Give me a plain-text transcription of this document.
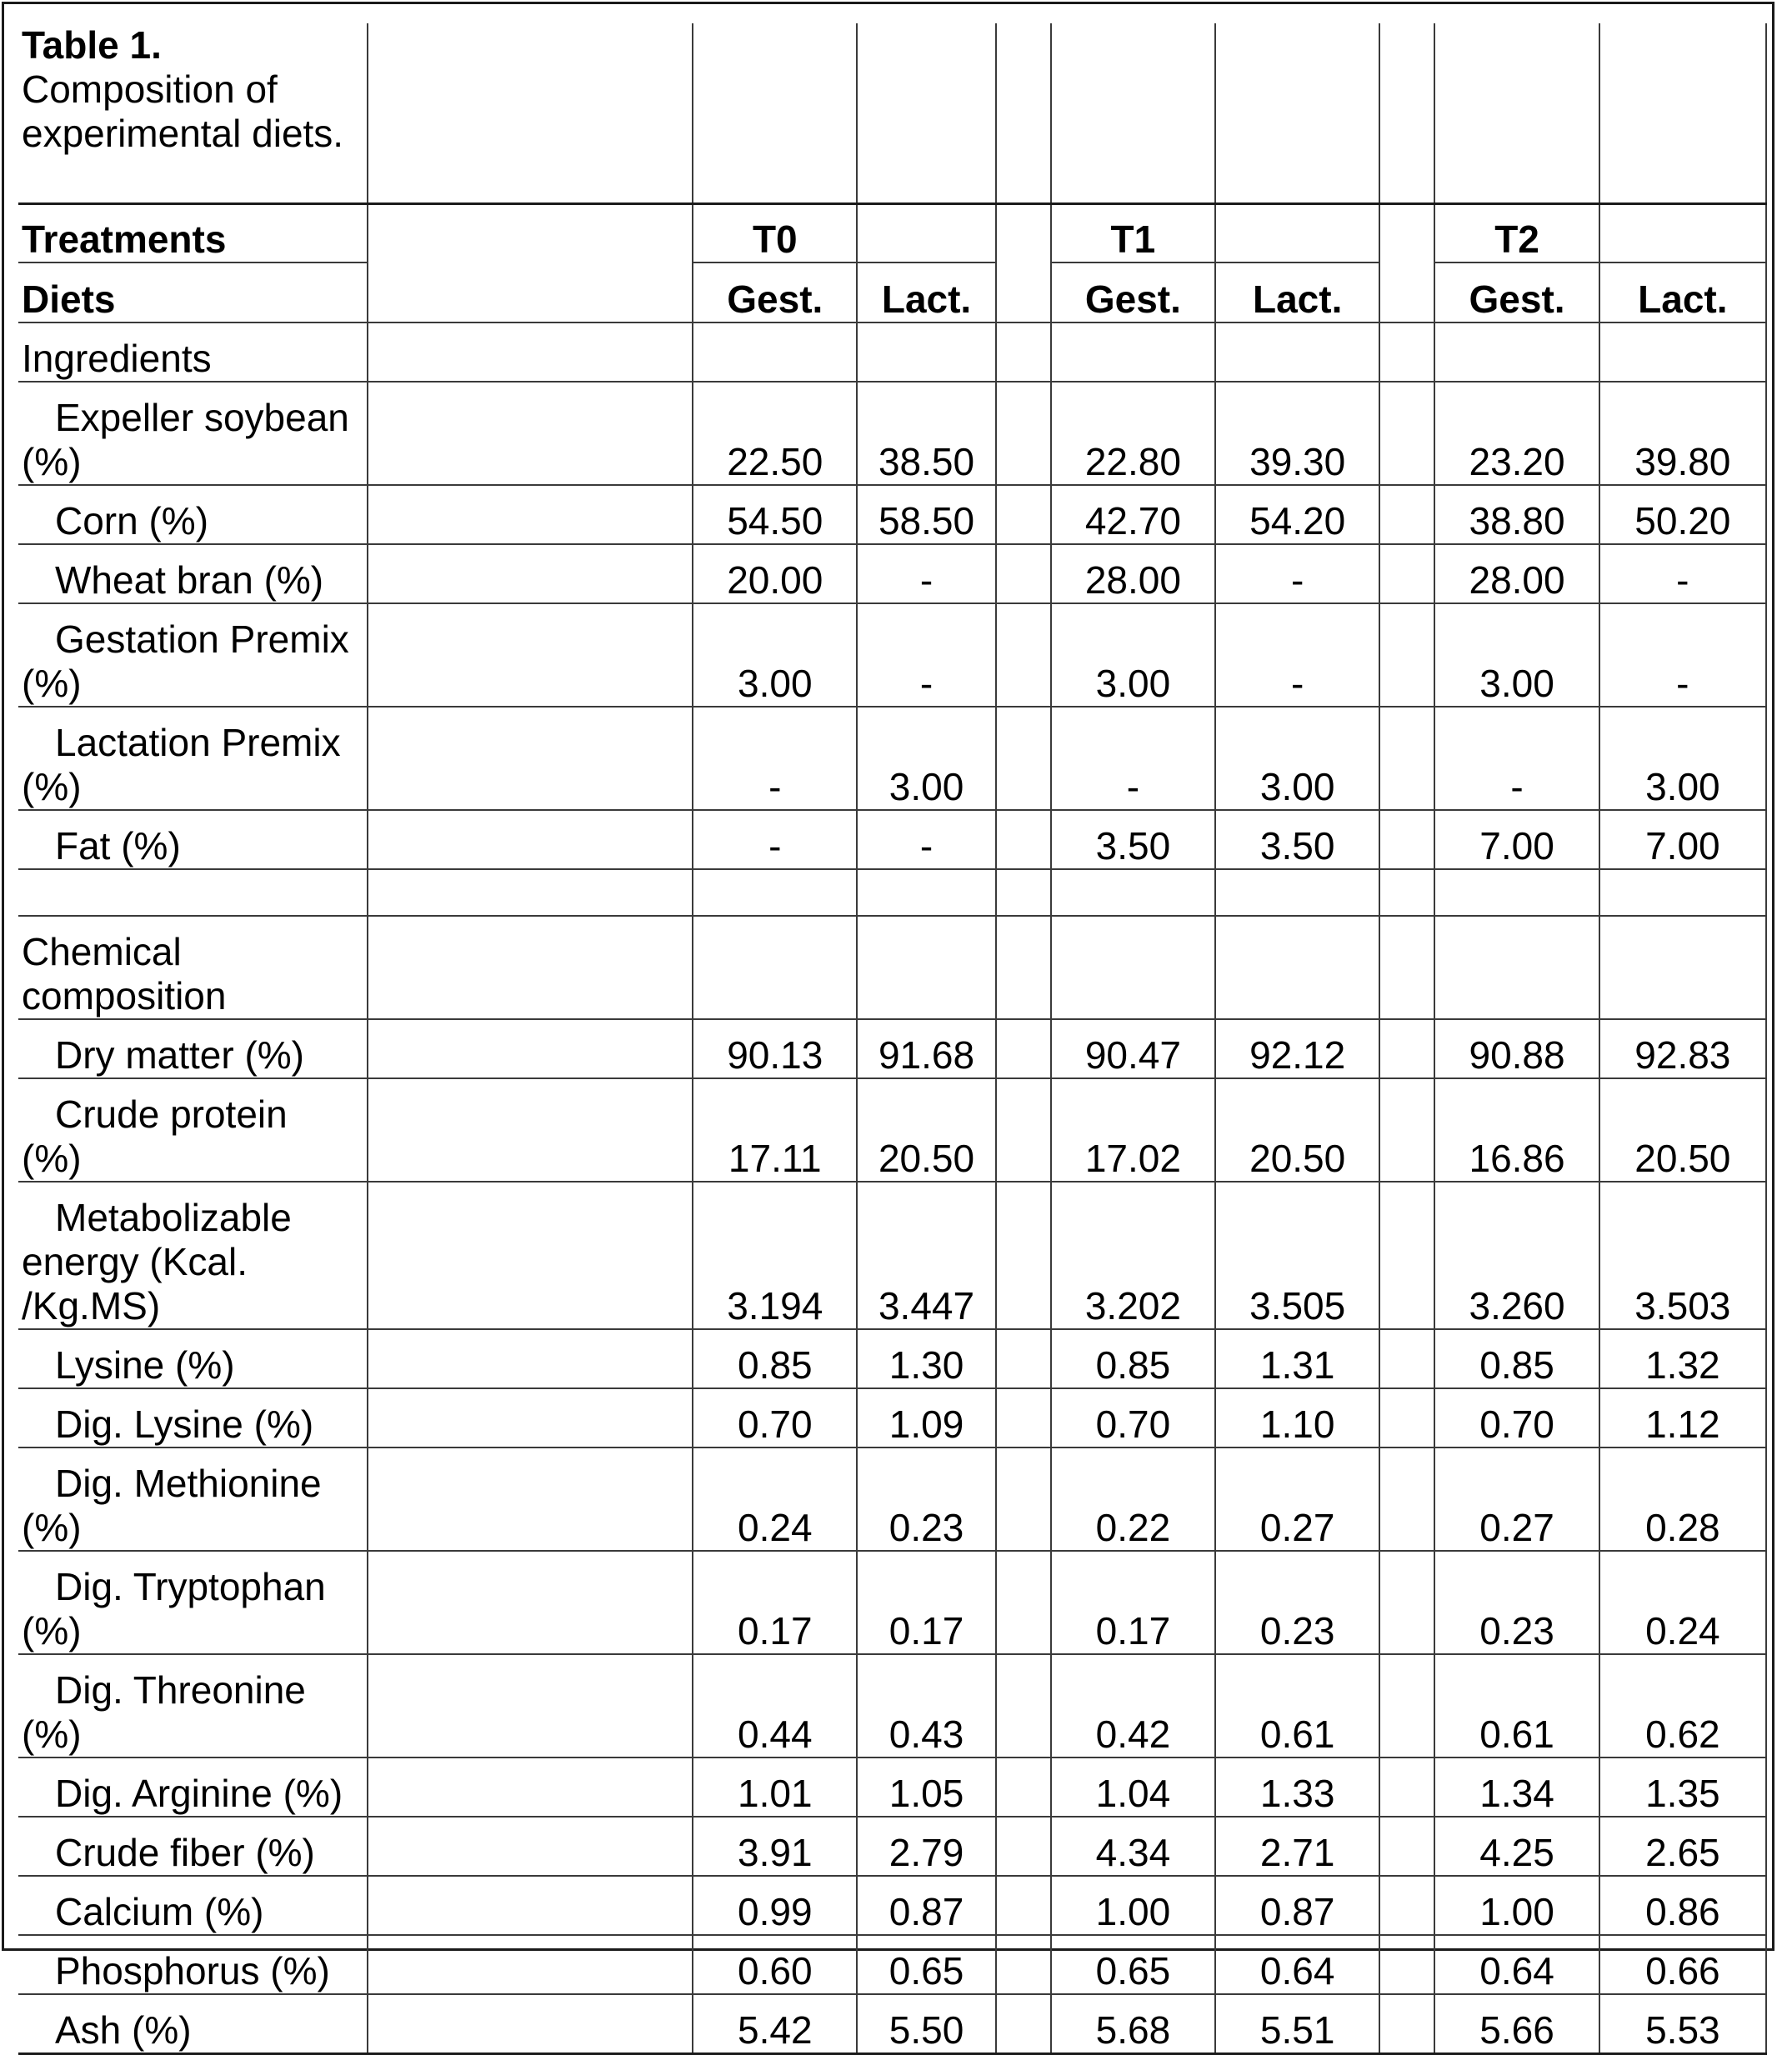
Table 1.
Composition of experimental diets.									

Treatments		T0			T1			T2	
Diets		Gest.	Lact.		Gest.	Lact.		Gest.	Lact.

Ingredients									

Expeller soybean
(%)		22.50	38.50		22.80	39.30		23.20	39.80

Corn (%)		54.50	58.50		42.70	54.20		38.80	50.20

Wheat bran (%)		20.00	-		28.00	-		28.00	-

Gestation Premix
(%)		3.00	-		3.00	-		3.00	-

Lactation Premix
(%)		-	3.00		-	3.00		-	3.00

Fat (%)		-	-		3.50	3.50		7.00	7.00

Chemical
composition									

Dry matter (%)		90.13	91.68		90.47	92.12		90.88	92.83

Crude protein
(%)		17.11	20.50		17.02	20.50		16.86	20.50

Metabolizable
energy (Kcal.
/Kg.MS)		3.194	3.447		3.202	3.505		3.260	3.503

Lysine (%)		0.85	1.30		0.85	1.31		0.85	1.32

Dig. Lysine (%)		0.70	1.09		0.70	1.10		0.70	1.12

Dig. Methionine
(%)		0.24	0.23		0.22	0.27		0.27	0.28

Dig. Tryptophan
(%)		0.17	0.17		0.17	0.23		0.23	0.24

Dig. Threonine
(%)		0.44	0.43		0.42	0.61		0.61	0.62

Dig. Arginine (%)		1.01	1.05		1.04	1.33		1.34	1.35

Crude fiber (%)		3.91	2.79		4.34	2.71		4.25	2.65

Calcium (%)		0.99	0.87		1.00	0.87		1.00	0.86

Phosphorus (%)		0.60	0.65		0.65	0.64		0.64	0.66

Ash (%)		5.42	5.50		5.68	5.51		5.66	5.53
